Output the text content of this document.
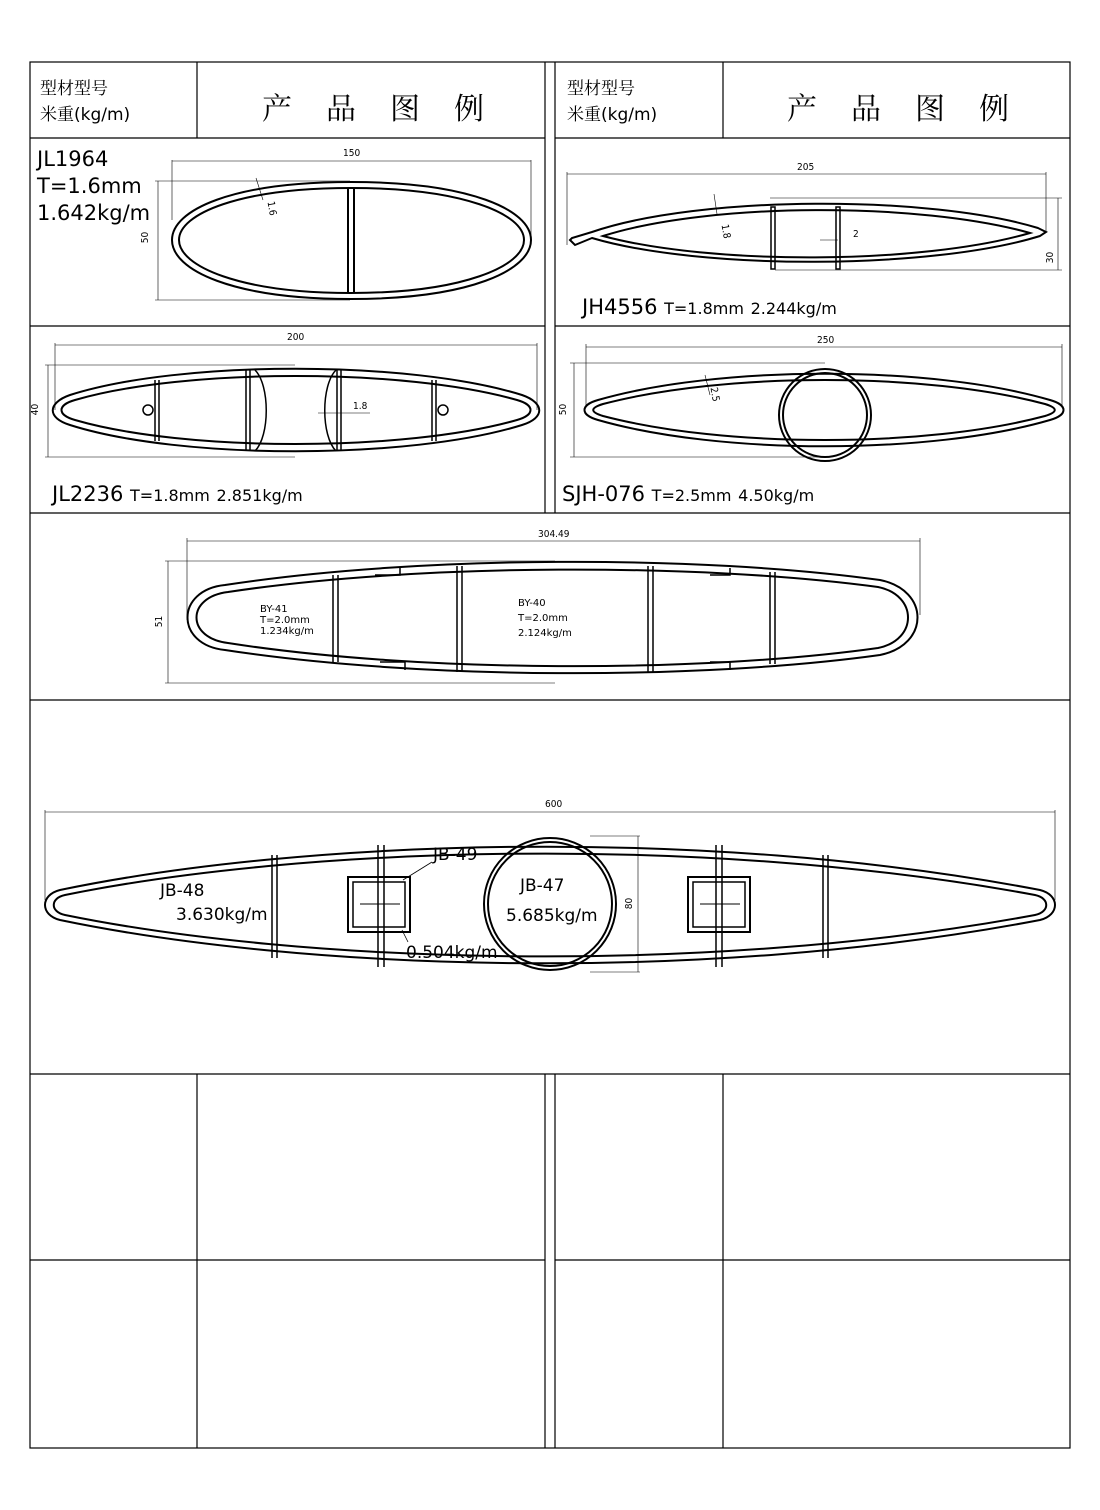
型材型号
米重(kg/m)	产品图例
型材型号
米重(kg/m)	产品图例
JL1964
T=1.6mm
1.642kg/m
150
50
1.6
205
30
1.8	2
JH4556 T=1.8mm 2.244kg/m
200
40	1.8
JL2236 T=1.8mm 2.851kg/m
250
50
2.5
SJH-076 T=2.5mm 4.50kg/m
304.49
51
BY-41
T=2.0mm
1.234kg/m
BY-40
T=2.0mm
2.124kg/m
600
80
JB-48
3.630kg/m
JB-49
0.504kg/m
JB-47
5.685kg/m
